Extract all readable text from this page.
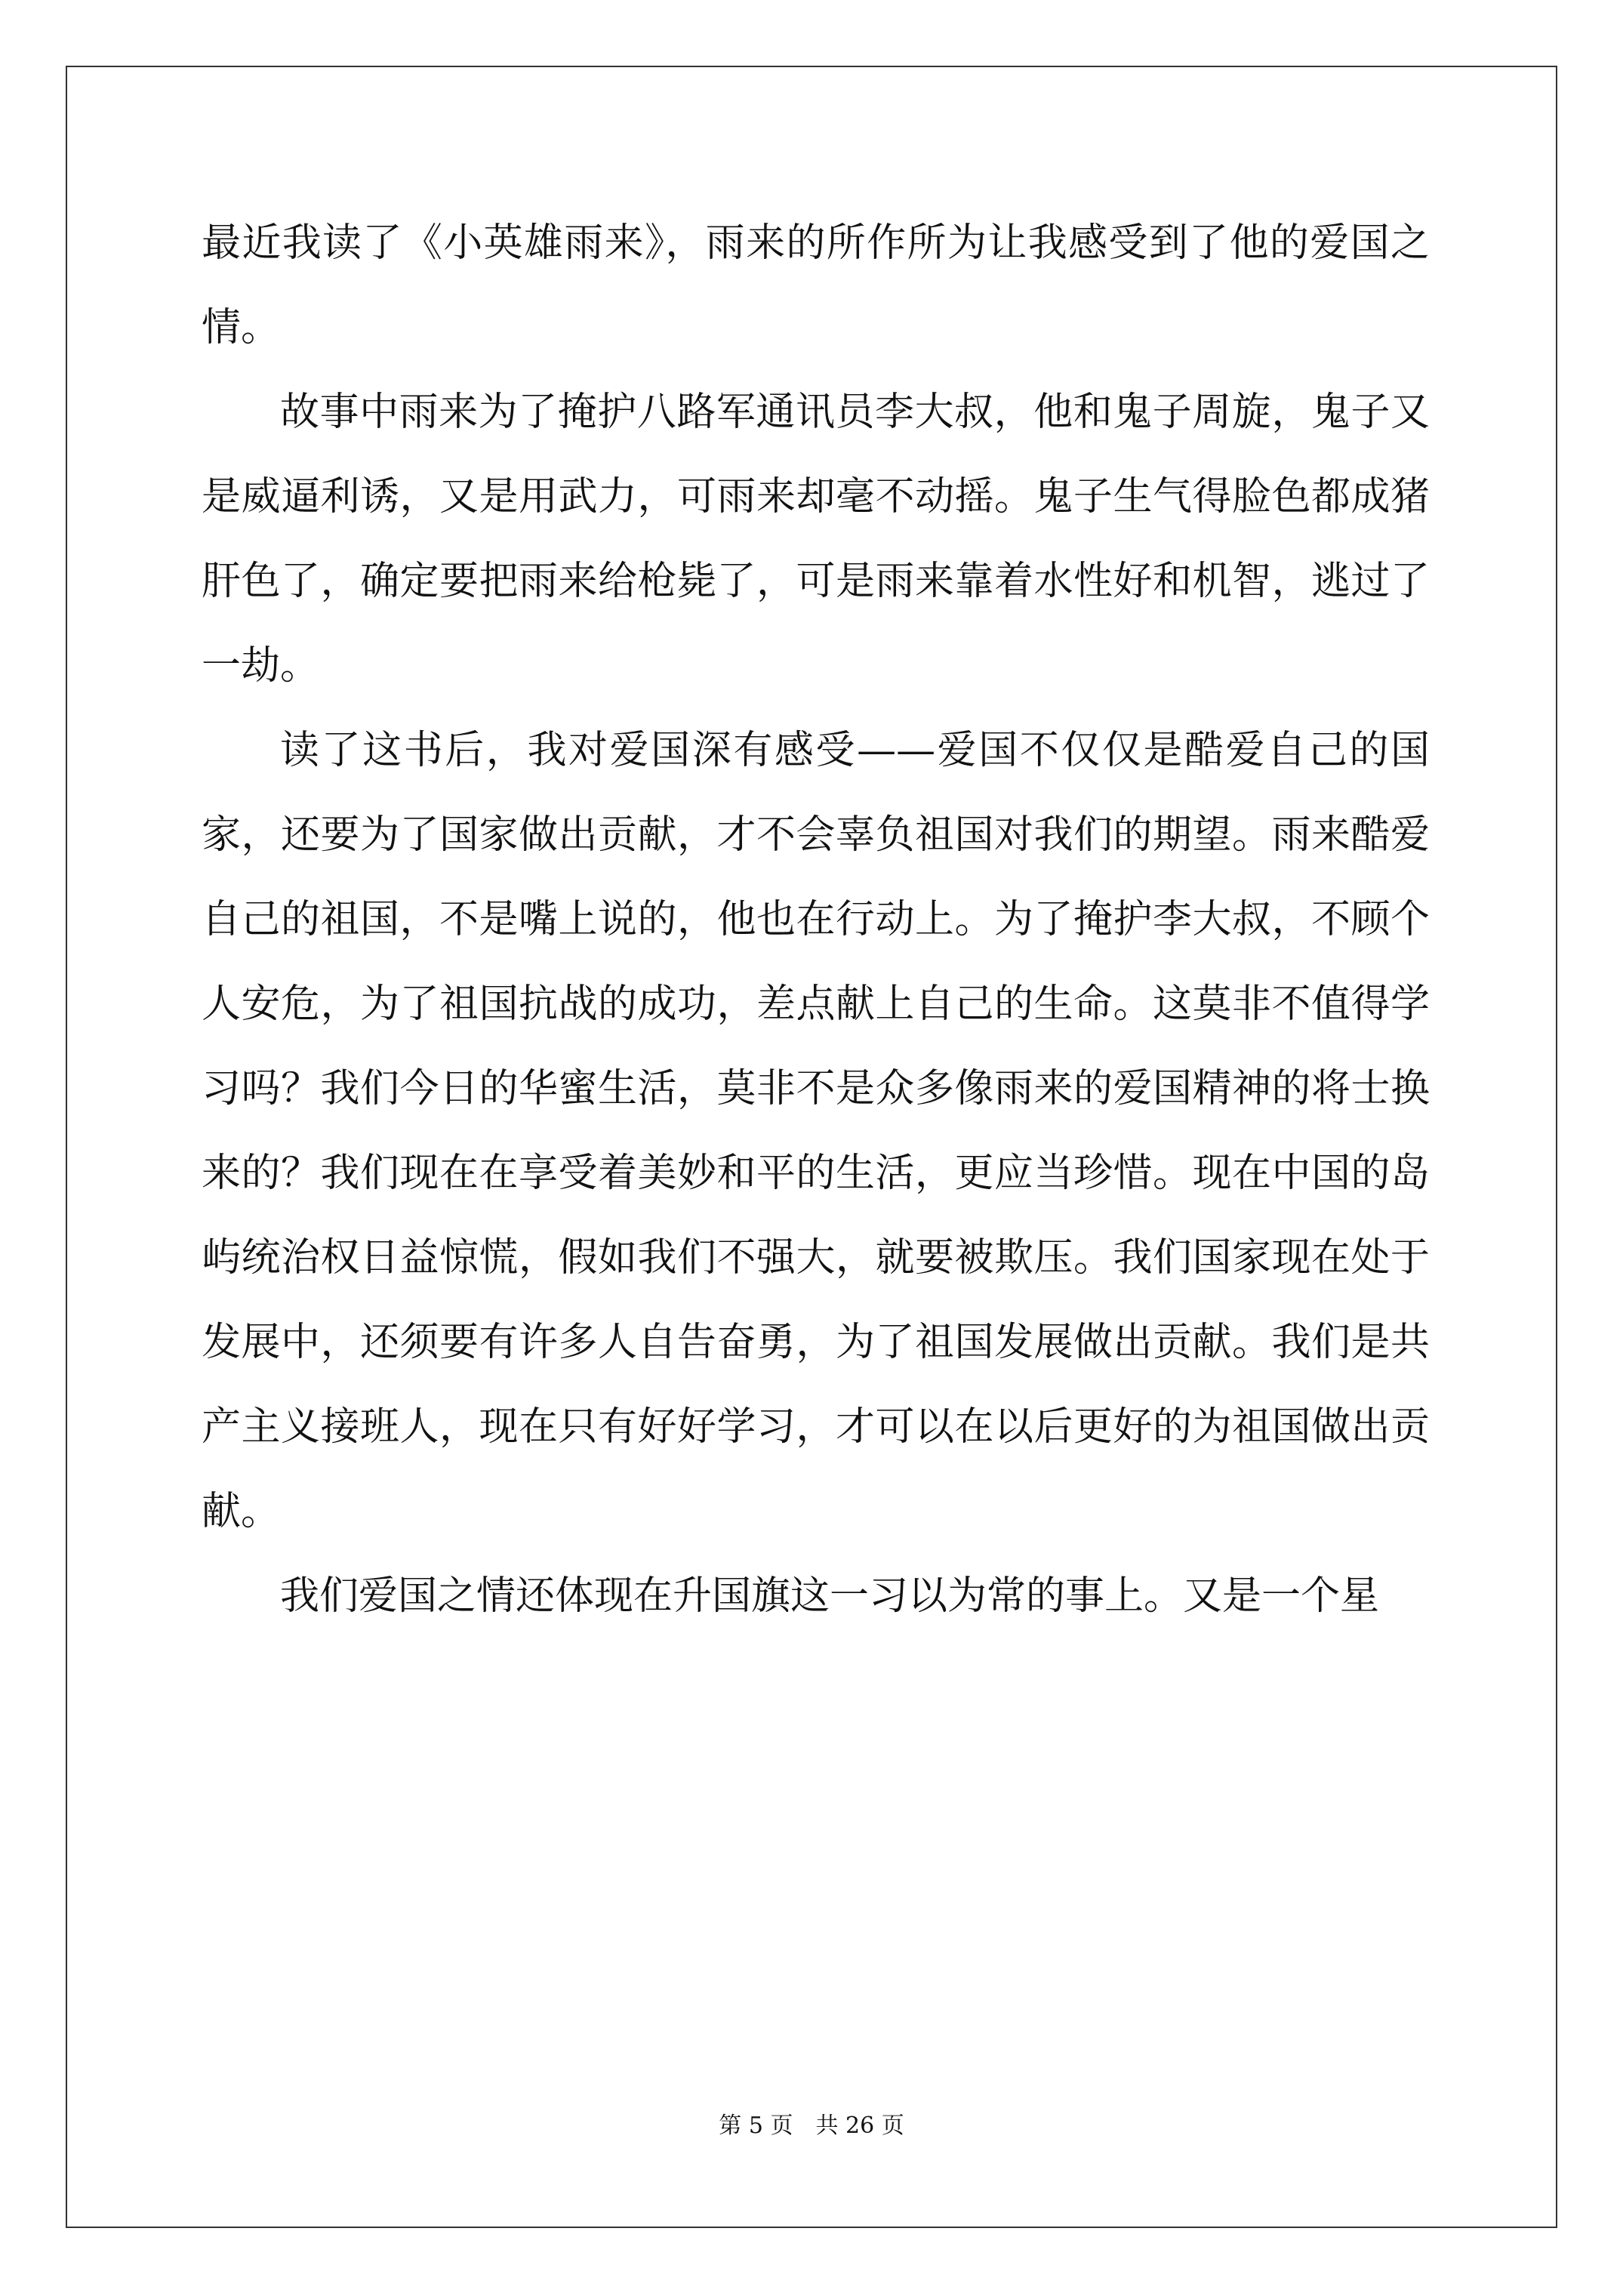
最近我读了《小英雄雨来》，雨来的所作所为让我感受到了他的爱国之情。

故事中雨来为了掩护八路军通讯员李大叔，他和鬼子周旋，鬼子又是威逼利诱，又是用武力，可雨来却毫不动摇。鬼子生气得脸色都成猪肝色了，确定要把雨来给枪毙了，可是雨来靠着水性好和机智，逃过了一劫。

读了这书后，我对爱国深有感受——爱国不仅仅是酷爱自己的国家，还要为了国家做出贡献，才不会辜负祖国对我们的期望。雨来酷爱自己的祖国，不是嘴上说的，他也在行动上。为了掩护李大叔，不顾个人安危，为了祖国抗战的成功，差点献上自己的生命。这莫非不值得学习吗？我们今日的华蜜生活，莫非不是众多像雨来的爱国精神的将士换来的？我们现在在享受着美妙和平的生活，更应当珍惜。现在中国的岛屿统治权日益惊慌，假如我们不强大，就要被欺压。我们国家现在处于发展中，还须要有许多人自告奋勇，为了祖国发展做出贡献。我们是共产主义接班人，现在只有好好学习，才可以在以后更好的为祖国做出贡献。

我们爱国之情还体现在升国旗这一习以为常的事上。又是一个星

第 5 页　共 26 页
